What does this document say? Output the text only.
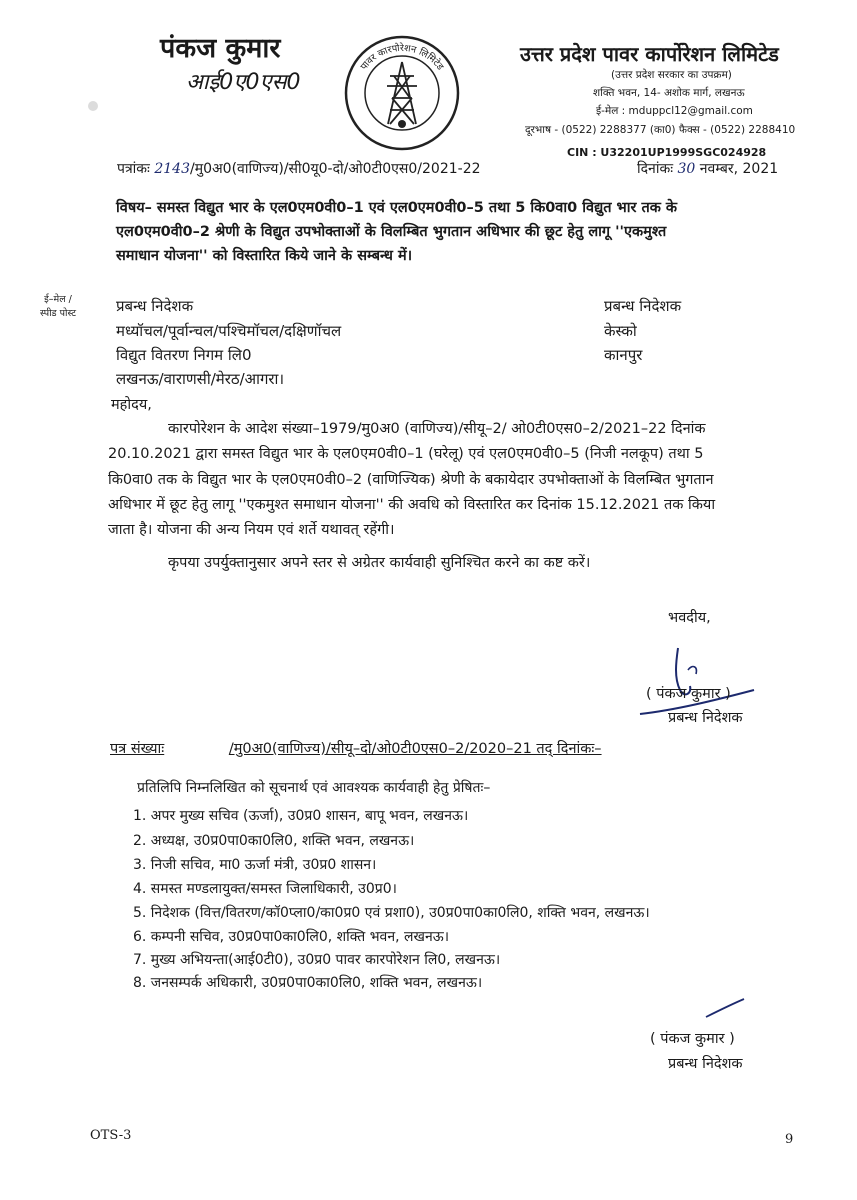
पंकज कुमार
आई0ए0एस0
पावर कारपोरेशन लिमिटेड
उत्तर प्रदेश पावर कार्पोरेशन लिमिटेड
(उत्तर प्रदेश सरकार का उपक्रम)
शक्ति भवन, 14- अशोक मार्ग, लखनऊ
ई-मेल : mduppcl12@gmail.com
दूरभाष - (0522) 2288377 (का0) फैक्स - (0522) 2288410
CIN : U32201UP1999SGC024928
पत्रांकः 2143/मु0अ0(वाणिज्य)/सी0यू0-दो/ओ0टी0एस0/2021-22	दिनांकः 30 नवम्बर, 2021
विषय– समस्त विद्युत भार के एल0एम0वी0–1 एवं एल0एम0वी0–5 तथा 5 कि0वा0 विद्युत भार तक के
एल0एम0वी0–2 श्रेणी के विद्युत उपभोक्ताओं के विलम्बित भुगतान अधिभार की छूट हेतु लागू ''एकमुश्त
समाधान योजना'' को विस्तारित किये जाने के सम्बन्ध में।
ई–मेल /
स्पीड पोस्ट	प्रबन्ध निदेशक
मध्यॉचल/पूर्वान्चल/पश्चिमॉचल/दक्षिणॉचल
विद्युत वितरण निगम लि0
लखनऊ/वाराणसी/मेरठ/आगरा।
प्रबन्ध निदेशक
केस्को
कानपुर
महोदय,
कारपोरेशन के आदेश संख्या–1979/मु0अ0 (वाणिज्य)/सीयू–2/ ओ0टी0एस0–2/2021–22 दिनांक
20.10.2021 द्वारा समस्त विद्युत भार के एल0एम0वी0–1 (घरेलू) एवं एल0एम0वी0–5 (निजी नलकूप) तथा 5
कि0वा0 तक के विद्युत भार के एल0एम0वी0–2 (वाणिज्यिक) श्रेणी के बकायेदार उपभोक्ताओं के विलम्बित भुगतान
अधिभार में छूट हेतु लागू ''एकमुश्त समाधान योजना'' की अवधि को विस्तारित कर दिनांक 15.12.2021 तक किया
जाता है। योजना की अन्य नियम एवं शर्ते यथावत् रहेंगी।
कृपया उपर्युक्तानुसार अपने स्तर से अग्रेतर कार्यवाही सुनिश्चित करने का कष्ट करें।
भवदीय,
( पंकज कुमार )
प्रबन्ध निदेशक
पत्र संख्याः	/मु0अ0(वाणिज्य)/सीयू–दो/ओ0टी0एस0–2/2020–21 तद् दिनांकः–
प्रतिलिपि निम्नलिखित को सूचनार्थ एवं आवश्यक कार्यवाही हेतु प्रेषितः–
1. अपर मुख्य सचिव (ऊर्जा), उ0प्र0 शासन, बापू भवन, लखनऊ।
2. अध्यक्ष, उ0प्र0पा0का0लि0, शक्ति भवन, लखनऊ।
3. निजी सचिव, मा0 ऊर्जा मंत्री, उ0प्र0 शासन।
4. समस्त मण्डलायुक्त/समस्त जिलाधिकारी, उ0प्र0।
5. निदेशक (वित्त/वितरण/कॉ0प्ला0/का0प्र0 एवं प्रशा0), उ0प्र0पा0का0लि0, शक्ति भवन, लखनऊ।
6. कम्पनी सचिव, उ0प्र0पा0का0लि0, शक्ति भवन, लखनऊ।
7. मुख्य अभियन्ता(आई0टी0), उ0प्र0 पावर कारपोरेशन लि0, लखनऊ।
8. जनसम्पर्क अधिकारी, उ0प्र0पा0का0लि0, शक्ति भवन, लखनऊ।
( पंकज कुमार )
प्रबन्ध निदेशक
OTS-3	9
